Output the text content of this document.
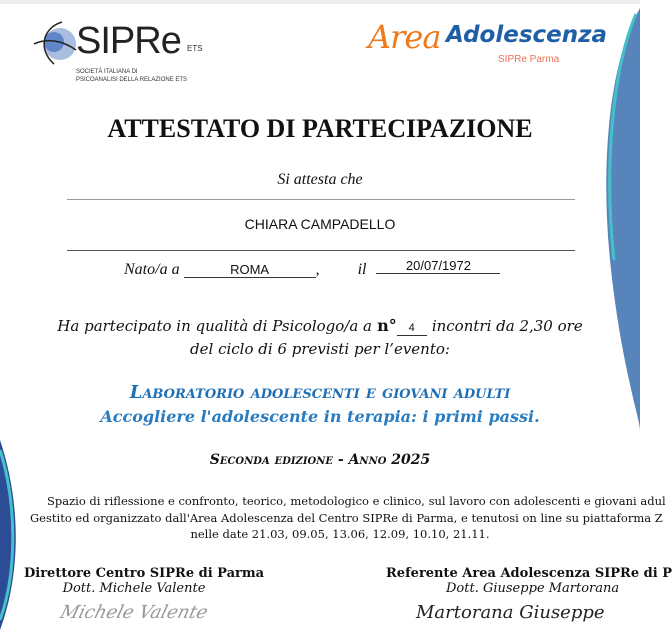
SIPRe ETS
SOCIETÀ ITALIANA DI
PSICOANALISI DELLA RELAZIONE ETS
Area Adolescenza
SIPRe Parma
ATTESTATO DI PARTECIPAZIONE
Si attesta che
CHIARA CAMPADELLO
Nato/a a	ROMA	, il	20/07/1972
Ha partecipato in qualità di Psicologo/a a n° 4 incontri da 2,30 ore
del ciclo di 6 previsti per l’evento:
Laboratorio adolescenti e giovani adulti
Accogliere l'adolescente in terapia: i primi passi.
Seconda edizione - Anno 2025
Spazio di riflessione e confronto, teorico, metodologico e clinico, sul lavoro con adolescenti e giovani adul
Gestito ed organizzato dall'Area Adolescenza del Centro SIPRe di Parma, e tenutosi on line su piattaforma Z
nelle date 21.03, 09.05, 13.06, 12.09, 10.10, 21.11.
Direttore Centro SIPRe di Parma
Dott. Michele Valente
Michele Valente
Referente Area Adolescenza SIPRe di P
Dott. Giuseppe Martorana
Martorana Giuseppe
